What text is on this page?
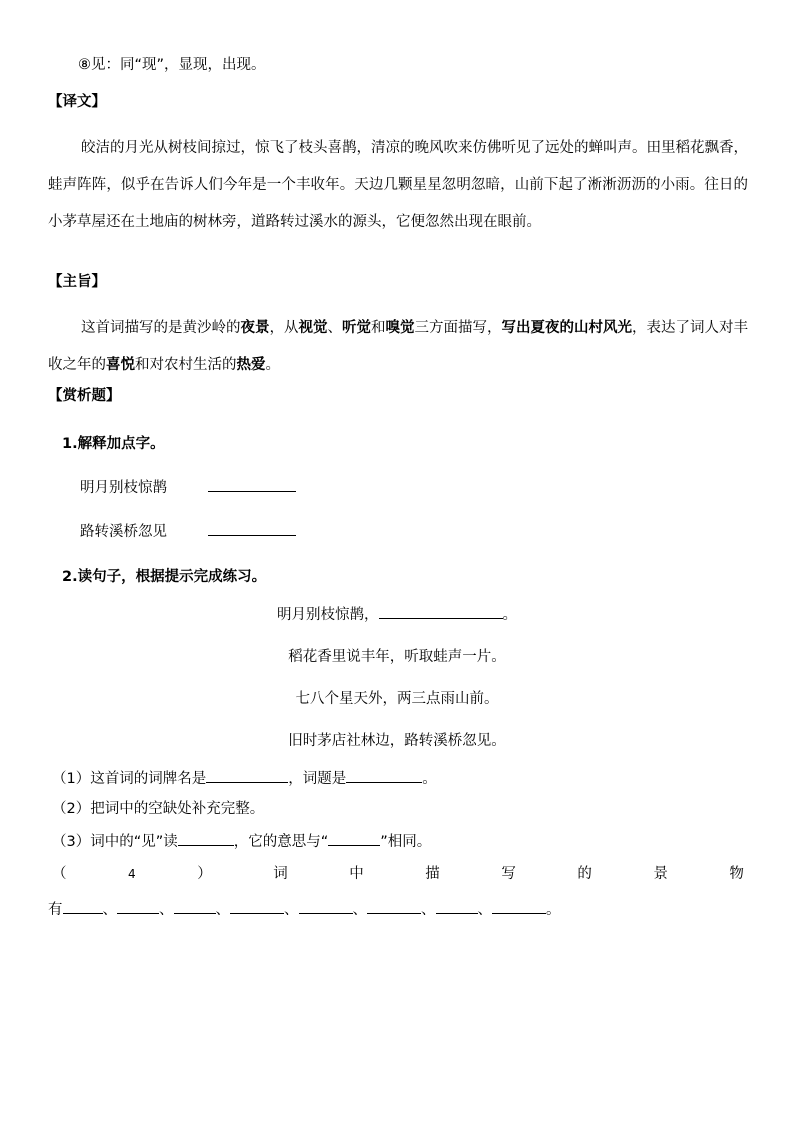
⑧见：同“现”，显现，出现。
【译文】
皎洁的月光从树枝间掠过，惊飞了枝头喜鹊，清凉的晚风吹来仿佛听见了远处的蝉叫声。田里稻花飘香，蛙声阵阵，似乎在告诉人们今年是一个丰收年。天边几颗星星忽明忽暗，山前下起了淅淅沥沥的小雨。往日的小茅草屋还在土地庙的树林旁，道路转过溪水的源头，它便忽然出现在眼前。
【主旨】
这首词描写的是黄沙岭的夜景，从视觉、听觉和嗅觉三方面描写，写出夏夜的山村风光，表达了词人对丰收之年的喜悦和对农村生活的热爱。
【赏析题】
1.解释加点字。
明月别枝惊鹊
路转溪桥忽见
2.读句子，根据提示完成练习。
明月别枝惊鹊，	。
稻花香里说丰年，听取蛙声一片。
七八个星天外，两三点雨山前。
旧时茅店社林边，路转溪桥忽见。
（1）这首词的词牌名是	，词题是	。
（2）把词中的空缺处补充完整。
（3）词中的“见”读	，它的意思与“	”相同。
（	4	）	词	中	描	写	的	景	物
有	、	、	、	、	、	、	、	。
